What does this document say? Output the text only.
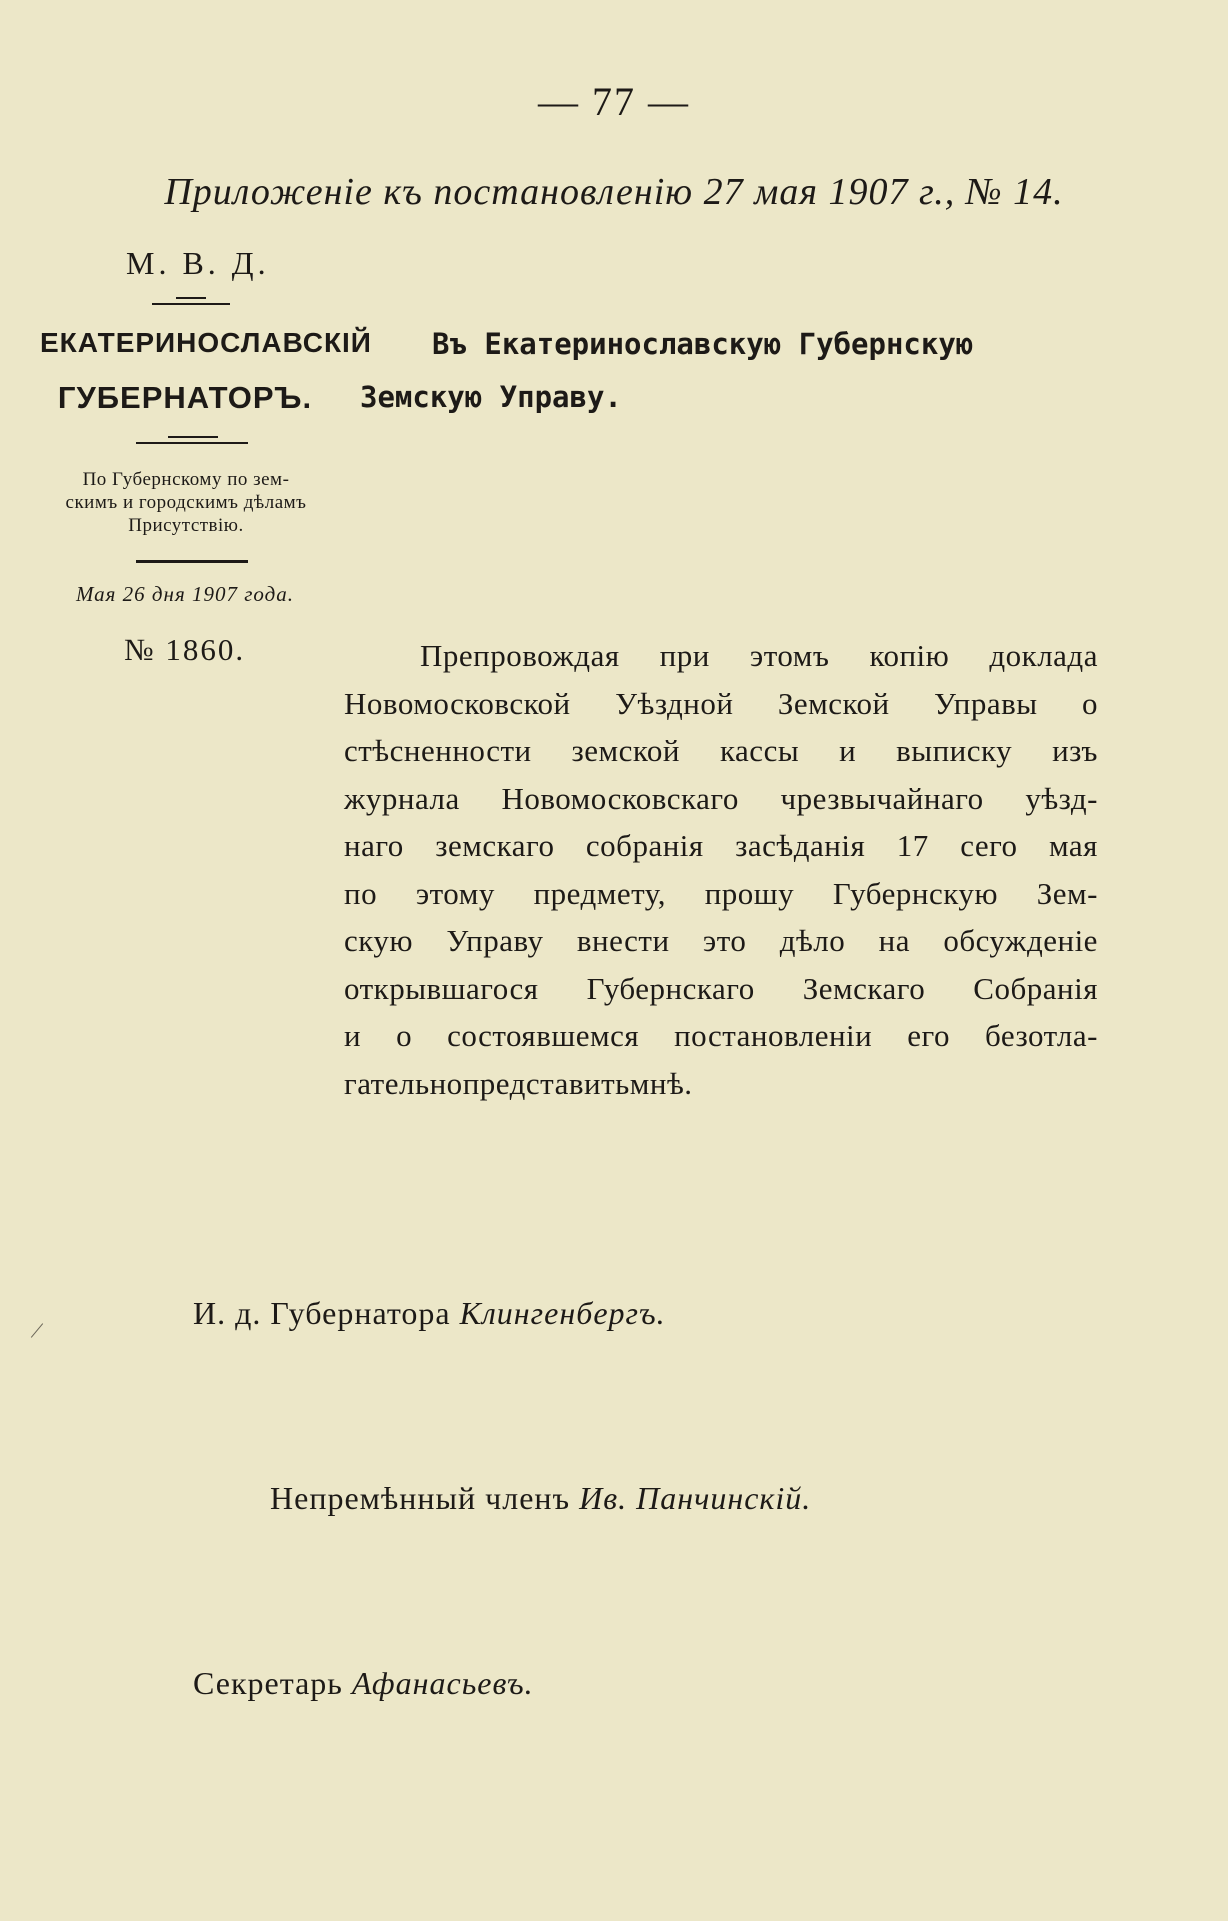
— 77 —
Приложенiе къ постановленiю 27 мая 1907 г., № 14.
М. В. Д.
ЕКАТЕРИНОСЛАВСКIЙ
ГУБЕРНАТОРЪ.
По Губернскому по зем-
скимъ и городскимъ дѣламъ
Присутствiю.
Мая 26 дня 1907 года.
№ 1860.
Въ Екатеринославскую Губернскую
Земскую Управу.
Препровождая при этомъ копiю доклада
Новомосковской Уѣздной Земской Управы о
стѣсненности земской кассы и выписку изъ
журнала Новомосковскаго чрезвычайнаго уѣзд-
наго земскаго собранiя засѣданiя 17 сего мая
по этому предмету, прошу Губернскую Зем-
скую Управу внести это дѣло на обсужденiе
открывшагося Губернскаго Земскаго Собранiя
и о состоявшемся постановленiи его безотла-
гательно представить мнѣ.
И. д. Губернатора Клингенбергъ.
Непремѣнный членъ Ив. Панчинскiй.
Секретарь Афанасьевъ.
